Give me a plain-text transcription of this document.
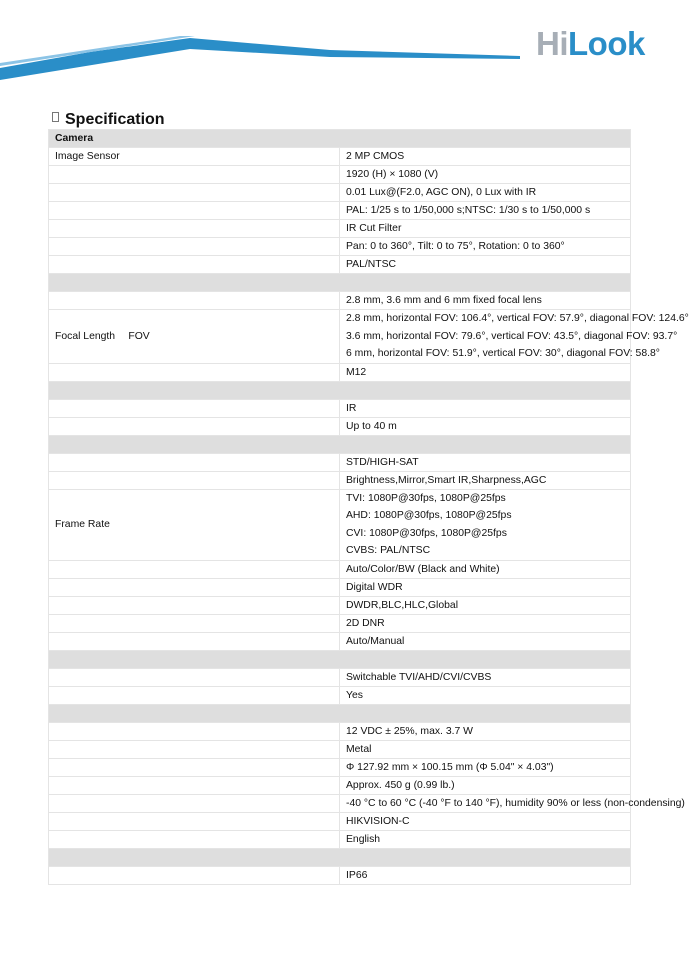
HiLook
Specification
Camera	
Image Sensor	2 MP CMOS
	1920 (H) × 1080 (V)
	0.01 Lux@(F2.0, AGC ON), 0 Lux with IR
	PAL: 1/25 s to 1/50,000 s;NTSC: 1/30 s to 1/50,000 s
	IR Cut Filter
	Pan: 0 to 360°, Tilt: 0 to 75°, Rotation: 0 to 360°
	PAL/NTSC

	2.8 mm, 3.6 mm and 6 mm fixed focal lens
Focal Length 　FOV	2.8 mm, horizontal FOV: 106.4°, vertical FOV: 57.9°, diagonal FOV: 124.6°
3.6 mm, horizontal FOV: 79.6°, vertical FOV: 43.5°, diagonal FOV: 93.7°
6 mm, horizontal FOV: 51.9°, vertical FOV: 30°, diagonal FOV: 58.8°

	M12

	IR
	Up to 40 m

	STD/HIGH-SAT
	Brightness,Mirror,Smart IR,Sharpness,AGC
Frame Rate	TVI: 1080P@30fps, 1080P@25fps
AHD: 1080P@30fps, 1080P@25fps
CVI: 1080P@30fps, 1080P@25fps
CVBS: PAL/NTSC

	Auto/Color/BW (Black and White)
	Digital WDR
	DWDR,BLC,HLC,Global
	2D DNR
	Auto/Manual

	Switchable TVI/AHD/CVI/CVBS
	Yes

	12 VDC ± 25%, max. 3.7 W
	Metal
	Φ 127.92 mm × 100.15 mm (Φ 5.04" × 4.03")
	Approx. 450 g (0.99 lb.)
	-40 °C to 60 °C (-40 °F to 140 °F), humidity 90% or less (non-condensing)
	HIKVISION-C
	English

	IP66
